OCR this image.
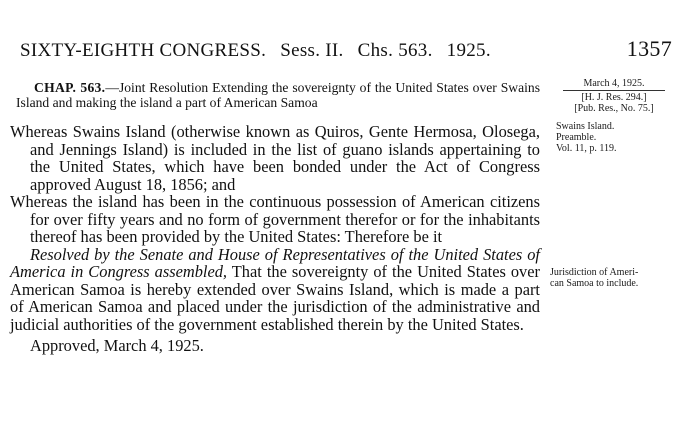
SIXTY-EIGHTH CONGRESS. Sess. II. Chs. 563. 1925.	1357

CHAP. 563.—Joint Resolution Extending the sovereignty of the United States over Swains Island and making the island a part of American Samoa

Whereas Swains Island (otherwise known as Quiros, Gente Hermosa, Olosega, and Jennings Island) is included in the list of guano islands appertaining to the United States, which have been bonded under the Act of Congress approved August 18, 1856; and

Whereas the island has been in the continuous possession of American citizens for over fifty years and no form of government therefor or for the inhabitants thereof has been provided by the United States: Therefore be it

Resolved by the Senate and House of Representatives of the United States of America in Congress assembled, That the sovereignty of the United States over American Samoa is hereby extended over Swains Island, which is made a part of American Samoa and placed under the jurisdiction of the administrative and judicial authorities of the government established therein by the United States.

Approved, March 4, 1925.

March 4, 1925.
[H. J. Res. 294.]
[Pub. Res., No. 75.]
Swains Island.
Preamble.
Vol. 11, p. 119.
Jurisdiction of Ameri-
can Samoa to include.
